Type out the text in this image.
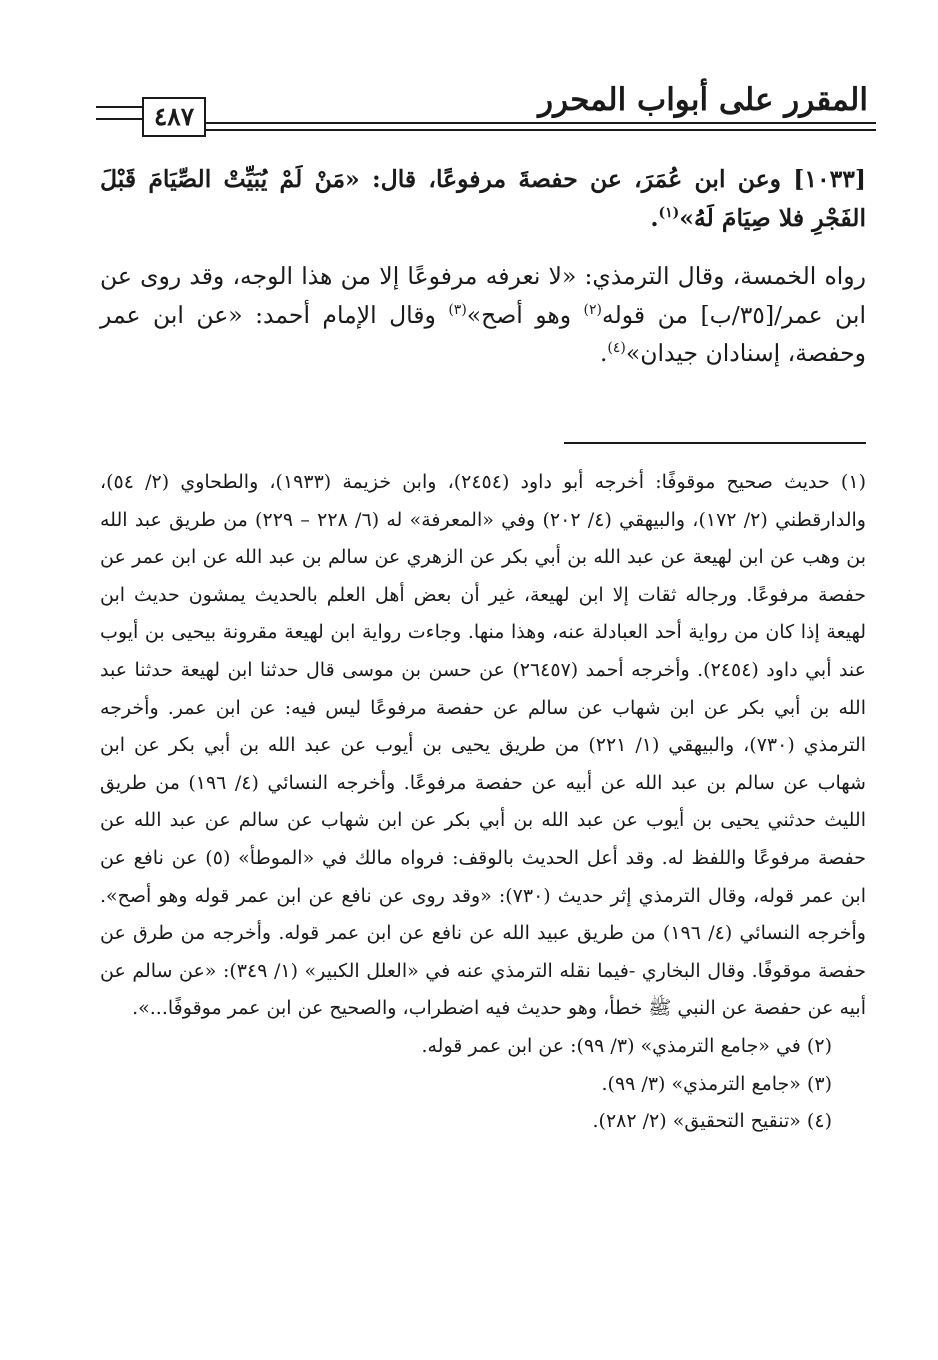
المقرر على أبواب المحرر
٤٨٧

[١٠٣٣] وعن ابن عُمَرَ، عن حفصةَ مرفوعًا، قال: «مَنْ لَمْ يُبَيِّتْ الصِّيَامَ قَبْلَ الفَجْرِ فلا صِيَامَ لَهُ»$^{(١)}$.

رواه الخمسة، وقال الترمذي: «لا نعرفه مرفوعًا إلا من هذا الوجه، وقد روى عن ابن عمر/[٣٥/ب] من قوله$^{(٢)}$ وهو أصح»$^{(٣)}$ وقال الإمام أحمد: «عن ابن عمر وحفصة، إسنادان جيدان»$^{(٤)}$.

(١) حديث صحيح موقوفًا: أخرجه أبو داود (٢٤٥٤)، وابن خزيمة (١٩٣٣)، والطحاوي (٢/ ٥٤)، والدارقطني (٢/ ١٧٢)، والبيهقي (٤/ ٢٠٢) وفي «المعرفة» له (٦/ ٢٢٨ – ٢٢٩) من طريق عبد الله بن وهب عن ابن لهيعة عن عبد الله بن أبي بكر عن الزهري عن سالم بن عبد الله عن ابن عمر عن حفصة مرفوعًا. ورجاله ثقات إلا ابن لهيعة، غير أن بعض أهل العلم بالحديث يمشون حديث ابن لهيعة إذا كان من رواية أحد العبادلة عنه، وهذا منها. وجاءت رواية ابن لهيعة مقرونة بيحيى بن أيوب عند أبي داود (٢٤٥٤). وأخرجه أحمد (٢٦٤٥٧) عن حسن بن موسى قال حدثنا ابن لهيعة حدثنا عبد الله بن أبي بكر عن ابن شهاب عن سالم عن حفصة مرفوعًا ليس فيه: عن ابن عمر. وأخرجه الترمذي (٧٣٠)، والبيهقي (١/ ٢٢١) من طريق يحيى بن أيوب عن عبد الله بن أبي بكر عن ابن شهاب عن سالم بن عبد الله عن أبيه عن حفصة مرفوعًا. وأخرجه النسائي (٤/ ١٩٦) من طريق الليث حدثني يحيى بن أيوب عن عبد الله بن أبي بكر عن ابن شهاب عن سالم عن عبد الله عن حفصة مرفوعًا واللفظ له. وقد أعل الحديث بالوقف: فرواه مالك في «الموطأ» (٥) عن نافع عن ابن عمر قوله، وقال الترمذي إثر حديث (٧٣٠): «وقد روى عن نافع عن ابن عمر قوله وهو أصح». وأخرجه النسائي (٤/ ١٩٦) من طريق عبيد الله عن نافع عن ابن عمر قوله. وأخرجه من طرق عن حفصة موقوفًا. وقال البخاري -فيما نقله الترمذي عنه في «العلل الكبير» (١/ ٣٤٩): «عن سالم عن أبيه عن حفصة عن النبي ﷺ خطأ، وهو حديث فيه اضطراب، والصحيح عن ابن عمر موقوفًا...».

(٢) في «جامع الترمذي» (٣/ ٩٩): عن ابن عمر قوله.

(٣) «جامع الترمذي» (٣/ ٩٩).

(٤) «تنقيح التحقيق» (٢/ ٢٨٢).
